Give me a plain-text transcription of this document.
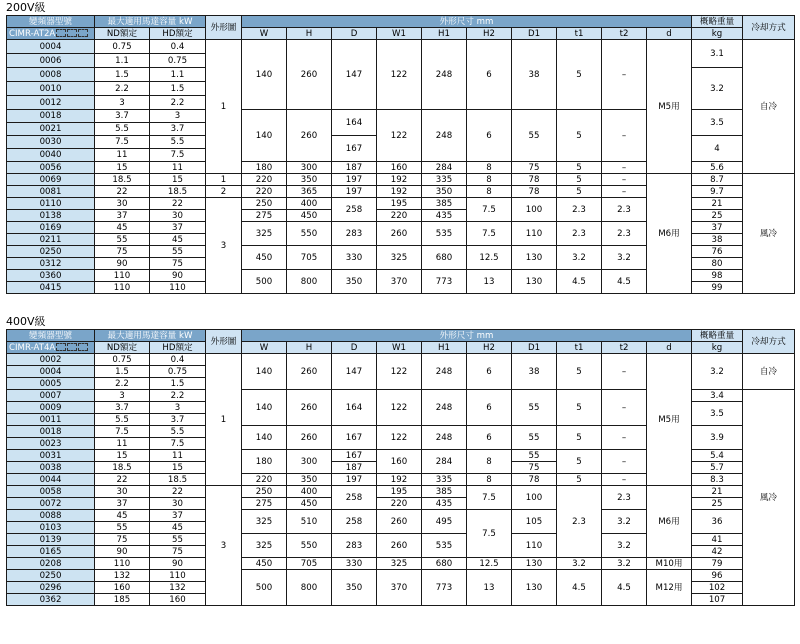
200V級
變頻器型號	最大適用馬達容量 kW		外形圖	外形尺寸 mm										概略重量	冷却方式
CIMR-AT2A	ND額定	HD額定		W	H	D	W1	H1	H2	D1	t1	t2	d	kg	
0004	0.75	0.4	1	140	260	147	122	248	6	38	5	–	M5用	3.1	自冷
0006	1.1	0.75													
0008	1.5	1.1												3.2	
0010	2.2	1.5													
0012	3	2.2													
0018	3.7	3		140	260	164	122	248	6	55	5	–		3.5	
0021	5.5	3.7													
0030	7.5	5.5				167								4	
0040	11	7.5													
0056	15	11		180	300	187	160	284	8	75	5	–		5.6	
0069	18.5	15	1	220	350	197	192	335	8	78	5	–	M6用	8.7	風冷
0081	22	18.5	2	220	365	197	192	350	8	78	5	–		9.7	
0110	30	22	3	250	400	258	195	385	7.5	100	2.3	2.3		21	
0138	37	30		275	450		220	435						25	
0169	45	37		325	550	283	260	535	7.5	110	2.3	2.3		37	
0211	55	45												38	
0250	75	55		450	705	330	325	680	12.5	130	3.2	3.2		76	
0312	90	75												80	
0360	110	90		500	800	350	370	773	13	130	4.5	4.5		98	
0415	110	110												99	
400V級
變頻器型號	最大適用馬達容量 kW		外形圖	外形尺寸 mm										概略重量	冷却方式
CIMR-AT4A	ND額定	HD額定		W	H	D	W1	H1	H2	D1	t1	t2	d	kg	
0002	0.75	0.4	1	140	260	147	122	248	6	38	5	–	M5用	3.2	自冷
0004	1.5	0.75													
0005	2.2	1.5													
0007	3	2.2		140	260	164	122	248	6	55	5	–		3.4	風冷
0009	3.7	3												3.5	
0011	5.5	3.7													
0018	7.5	5.5		140	260	167	122	248	6	55	5	–		3.9	
0023	11	7.5													
0031	15	11		180	300	167	160	284	8	55	5	–		5.4	
0038	18.5	15				187				75				5.7	
0044	22	18.5		220	350	197	192	335	8	78	5	–		8.3	
0058	30	22	3	250	400	258	195	385	7.5	100	2.3	2.3	M6用	21	
0072	37	30		275	450		220	435						25	
0088	45	37		325	510	258	260	495	7.5	105		3.2		36	
0103	55	45													
0139	75	55		325	550	283	260	535		110		3.2		41	
0165	90	75												42	
0208	110	90		450	705	330	325	680	12.5	130	3.2	3.2	M10用	79	
0250	132	110		500	800	350	370	773	13	130	4.5	4.5	M12用	96	
0296	160	132												102	
0362	185	160												107	
